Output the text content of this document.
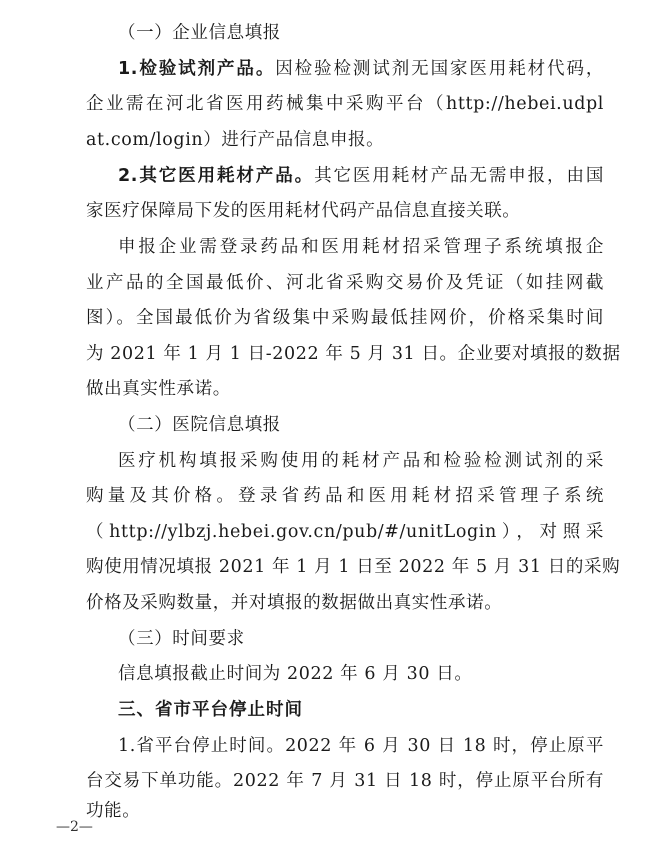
（一）企业信息填报
1.检验试剂产品。因检验检测试剂无国家医用耗材代码，
企业需在河北省医用药械集中采购平台（http://hebei.udpl
at.com/login）进行产品信息申报。
2.其它医用耗材产品。其它医用耗材产品无需申报，由国
家医疗保障局下发的医用耗材代码产品信息直接关联。
申报企业需登录药品和医用耗材招采管理子系统填报企
业产品的全国最低价、河北省采购交易价及凭证（如挂网截
图）。全国最低价为省级集中采购最低挂网价，价格采集时间
为 2021 年 1 月 1 日-2022 年 5 月 31 日。企业要对填报的数据
做出真实性承诺。
（二）医院信息填报
医疗机构填报采购使用的耗材产品和检验检测试剂的采
购量及其价格。登录省药品和医用耗材招采管理子系统
（http://ylbzj.hebei.gov.cn/pub/#/unitLogin），对照采
购使用情况填报 2021 年 1 月 1 日至 2022 年 5 月 31 日的采购
价格及采购数量，并对填报的数据做出真实性承诺。
（三）时间要求
信息填报截止时间为 2022 年 6 月 30 日。
三、省市平台停止时间
1.省平台停止时间。2022 年 6 月 30 日 18 时，停止原平
台交易下单功能。2022 年 7 月 31 日 18 时，停止原平台所有
功能。
—2—
